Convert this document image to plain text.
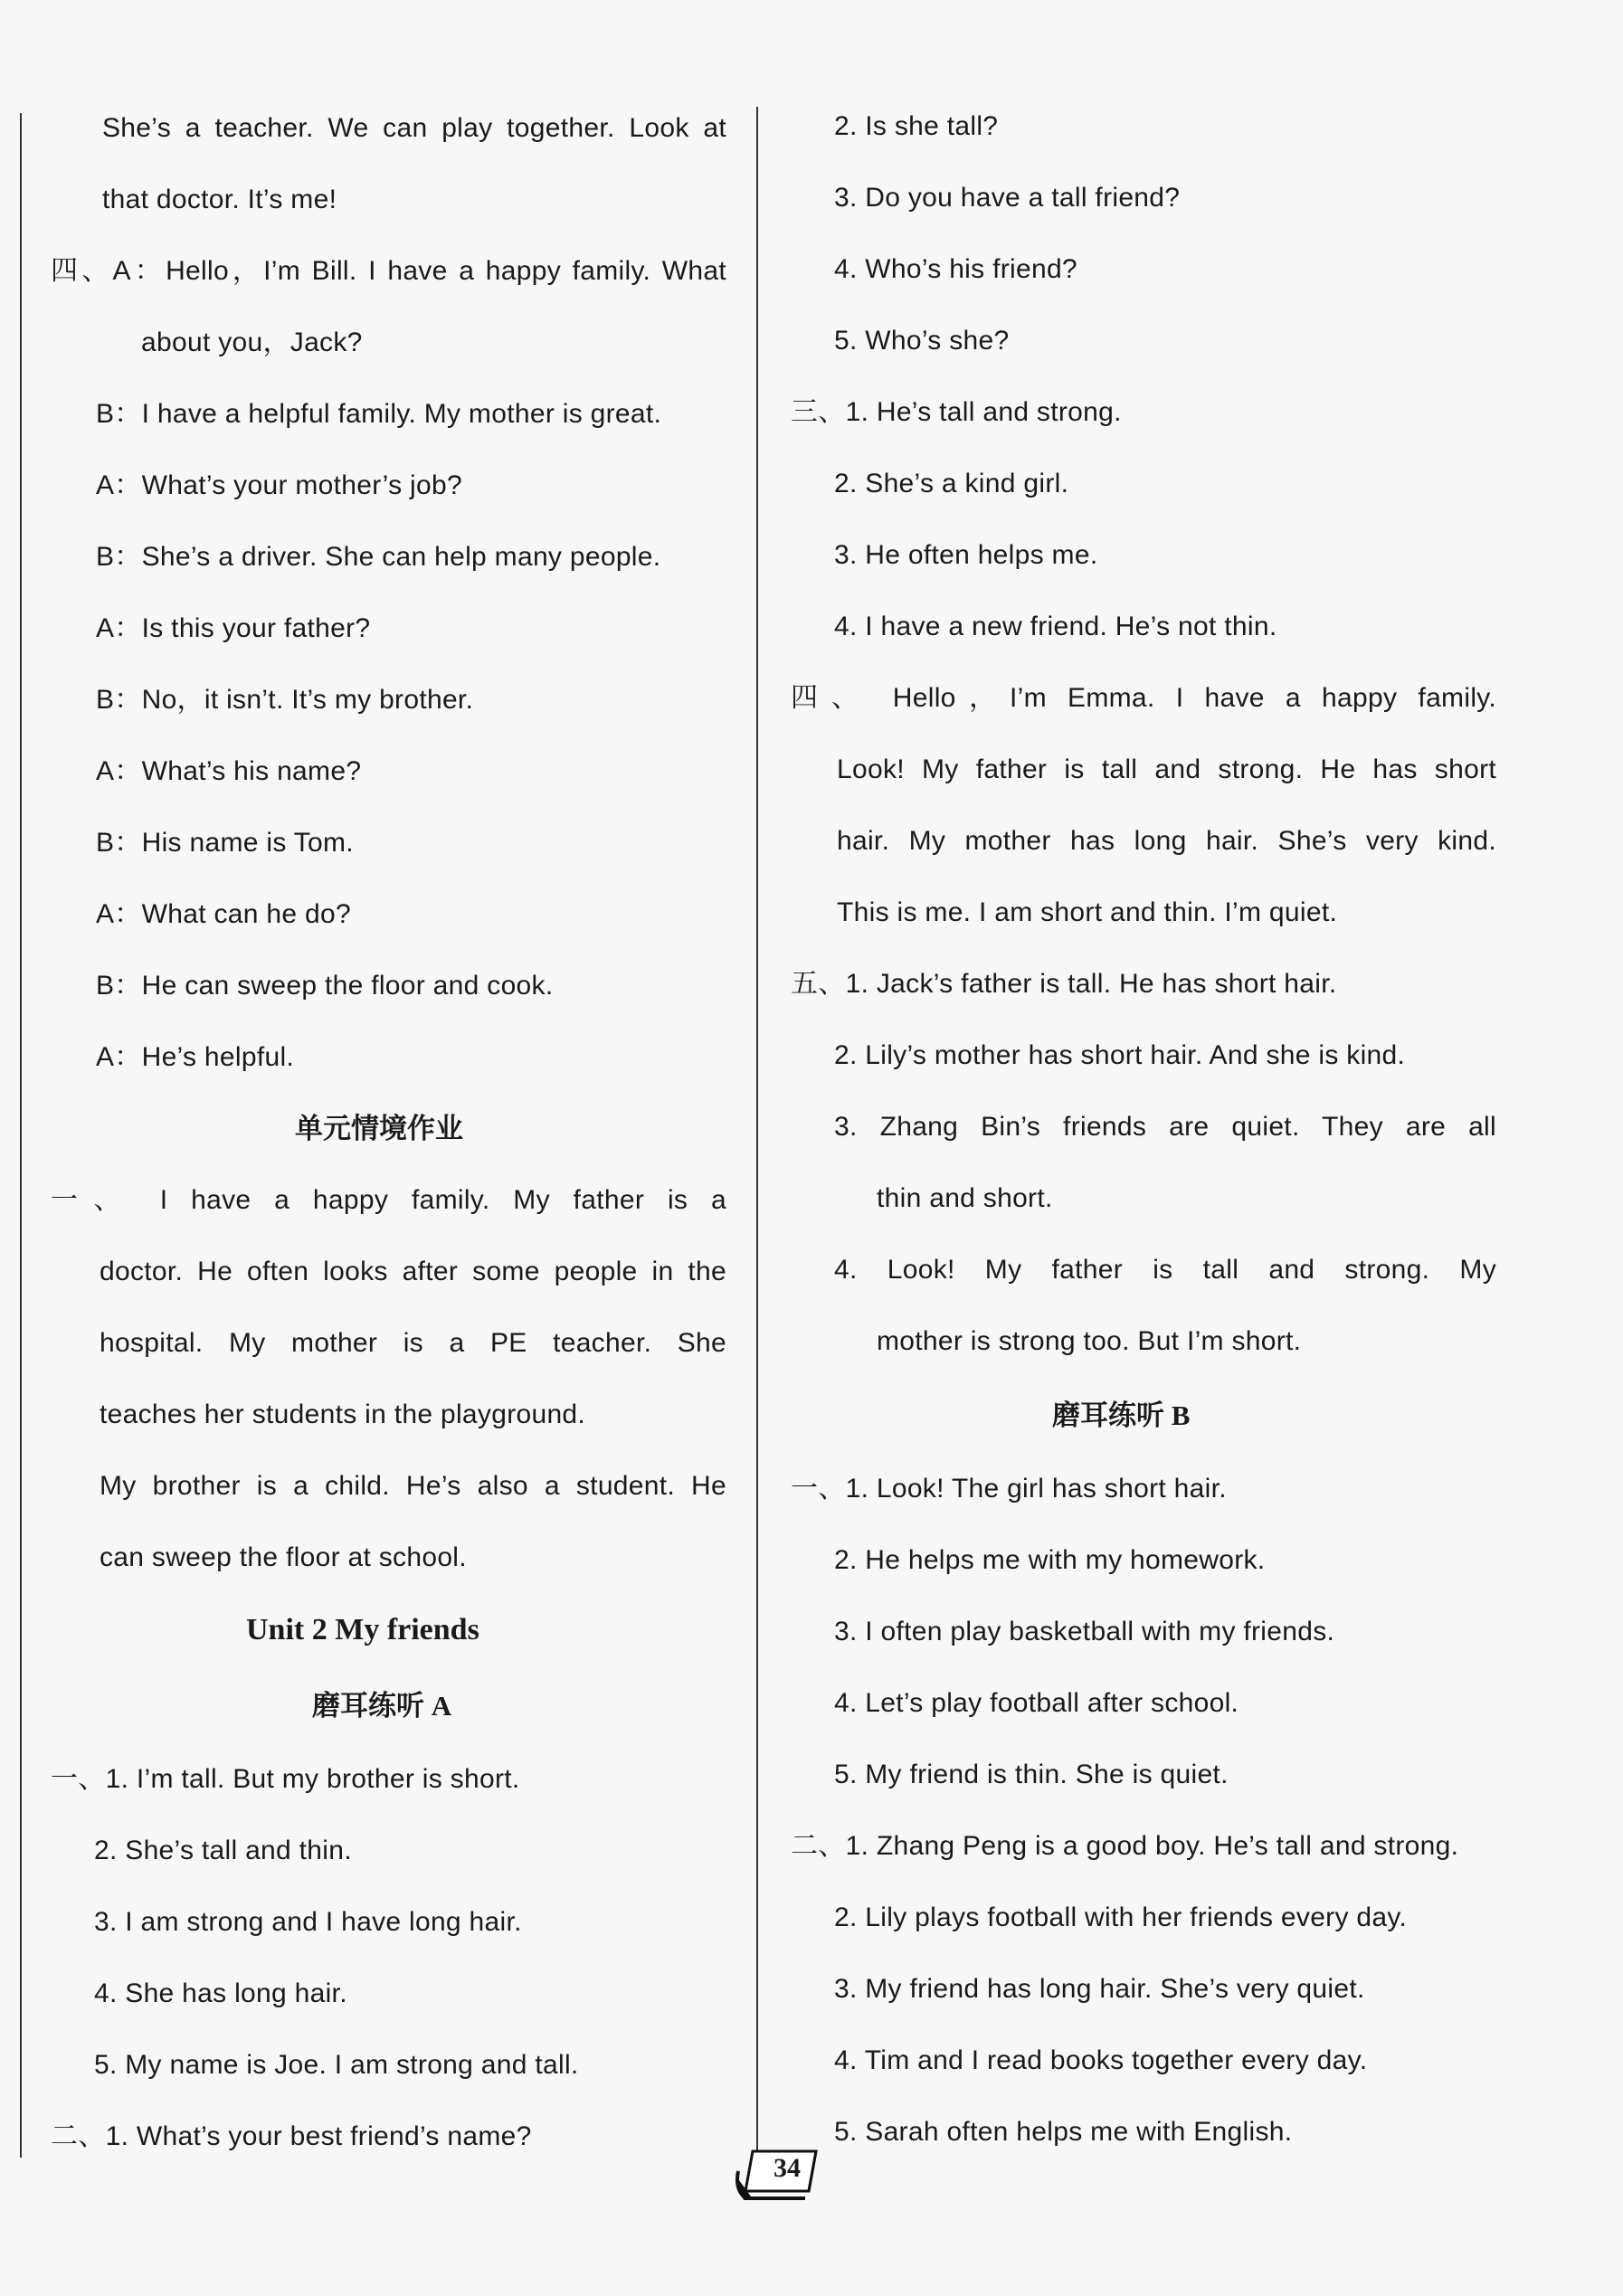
She’s a teacher. We can play together. Look at
that doctor. It’s me!
四、A：Hello，I’m Bill. I have a happy family. What
about you，Jack?
B：I have a helpful family. My mother is great.
A：What’s your mother’s job?
B：She’s a driver. She can help many people.
A：Is this your father?
B：No，it isn’t. It’s my brother.
A：What’s his name?
B：His name is Tom.
A：What can he do?
B：He can sweep the floor and cook.
A：He’s helpful.
单元情境作业
一、 I have a happy family. My father is a
doctor. He often looks after some people in the
hospital. My mother is a PE teacher. She
teaches her students in the playground.
My brother is a child. He’s also a student. He
can sweep the floor at school.
Unit 2 My friends
磨耳练听 A
一、1. I’m tall. But my brother is short.
2. She’s tall and thin.
3. I am strong and I have long hair.
4. She has long hair.
5. My name is Joe. I am strong and tall.
二、1. What’s your best friend’s name?
2. Is she tall?
3. Do you have a tall friend?
4. Who’s his friend?
5. Who’s she?
三、1. He’s tall and strong.
2. She’s a kind girl.
3. He often helps me.
4. I have a new friend. He’s not thin.
四、 Hello，I’m Emma. I have a happy family.
Look! My father is tall and strong. He has short
hair. My mother has long hair. She’s very kind.
This is me. I am short and thin. I’m quiet.
五、1. Jack’s father is tall. He has short hair.
2. Lily’s mother has short hair. And she is kind.
3. Zhang Bin’s friends are quiet. They are all
thin and short.
4. Look! My father is tall and strong. My
mother is strong too. But I’m short.
磨耳练听 B
一、1. Look! The girl has short hair.
2. He helps me with my homework.
3. I often play basketball with my friends.
4. Let’s play football after school.
5. My friend is thin. She is quiet.
二、1. Zhang Peng is a good boy. He’s tall and strong.
2. Lily plays football with her friends every day.
3. My friend has long hair. She’s very quiet.
4. Tim and I read books together every day.
5. Sarah often helps me with English.
34
